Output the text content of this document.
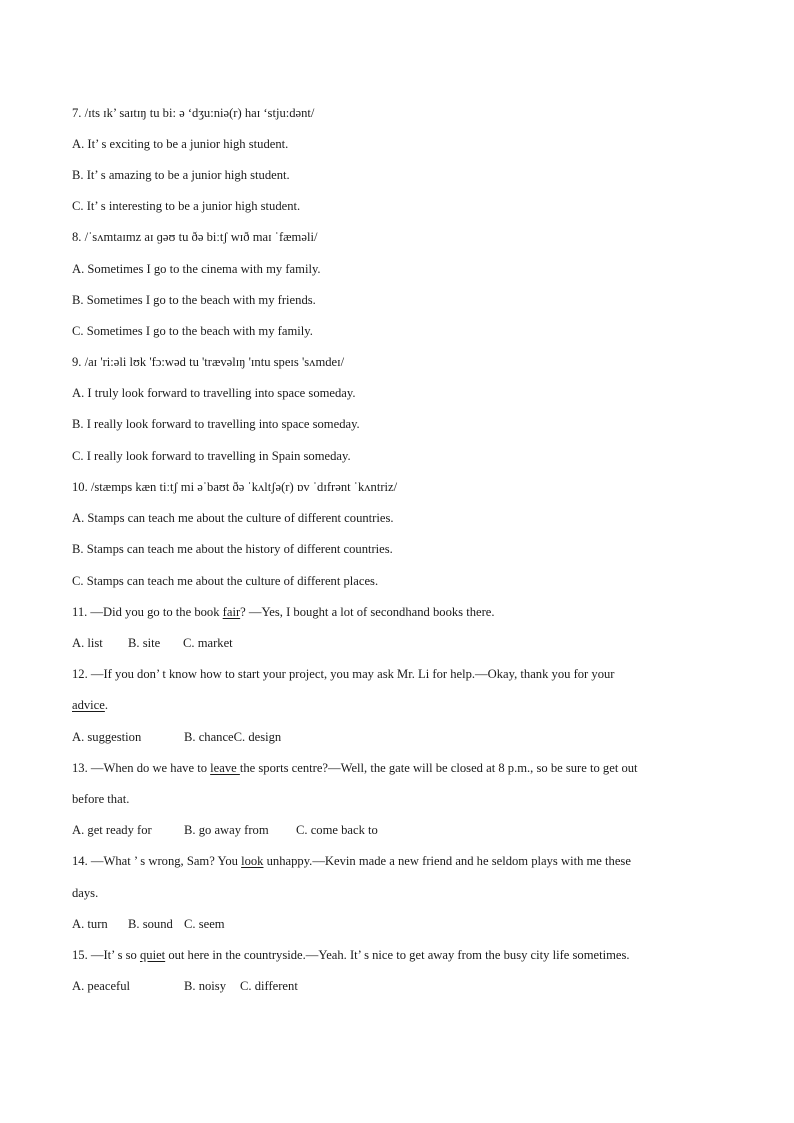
7. /ɪts ɪk’ saɪtɪŋ tu bi: ə ‘dʒu:niə(r) haɪ ‘stju:dənt/
A. It’ s exciting to be a junior high student.
B. It’ s amazing to be a junior high student.
C. It’ s interesting to be a junior high student.
8. /ˈsʌmtaɪmz aɪ ɡəʊ tu ðə biːtʃ wɪð maɪ ˈfæməli/
A. Sometimes I go to the cinema with my family.
B. Sometimes I go to the beach with my friends.
C. Sometimes I go to the beach with my family.
9. /aɪ 'ri:əli lʊk 'fɔ:wəd tu 'trævəlɪŋ 'ɪntu speɪs 'sʌmdeɪ/
A. I truly look forward to travelling into space someday.
B. I really look forward to travelling into space someday.
C. I really look forward to travelling in Spain someday.
10. /stæmps kæn tiːtʃ mi əˈbaʊt ðə ˈkʌltʃə(r) ɒv ˈdɪfrənt ˈkʌntriz/
A. Stamps can teach me about the culture of different countries.
B. Stamps can teach me about the history of different countries.
C. Stamps can teach me about the culture of different places.
11. —Did you go to the book fair? —Yes, I bought a lot of secondhand books there.
A. list B. site C. market
12. —If you don’ t know how to start your project, you may ask Mr. Li for help.—Okay, thank you for your
advice.
A. suggestion	B. chanceC. design
13. —When do we have to leave the sports centre?—Well, the gate will be closed at 8 p.m., so be sure to get out
before that.
A. get ready for	B. go away from C. come back to
14. —What ’ s wrong, Sam? You look unhappy.—Kevin made a new friend and he seldom plays with me these
days.
A. turn B. sound C. seem
15. —It’ s so quiet out here in the countryside.—Yeah. It’ s nice to get away from the busy city life sometimes.
A. peaceful	B. noisy C. different
